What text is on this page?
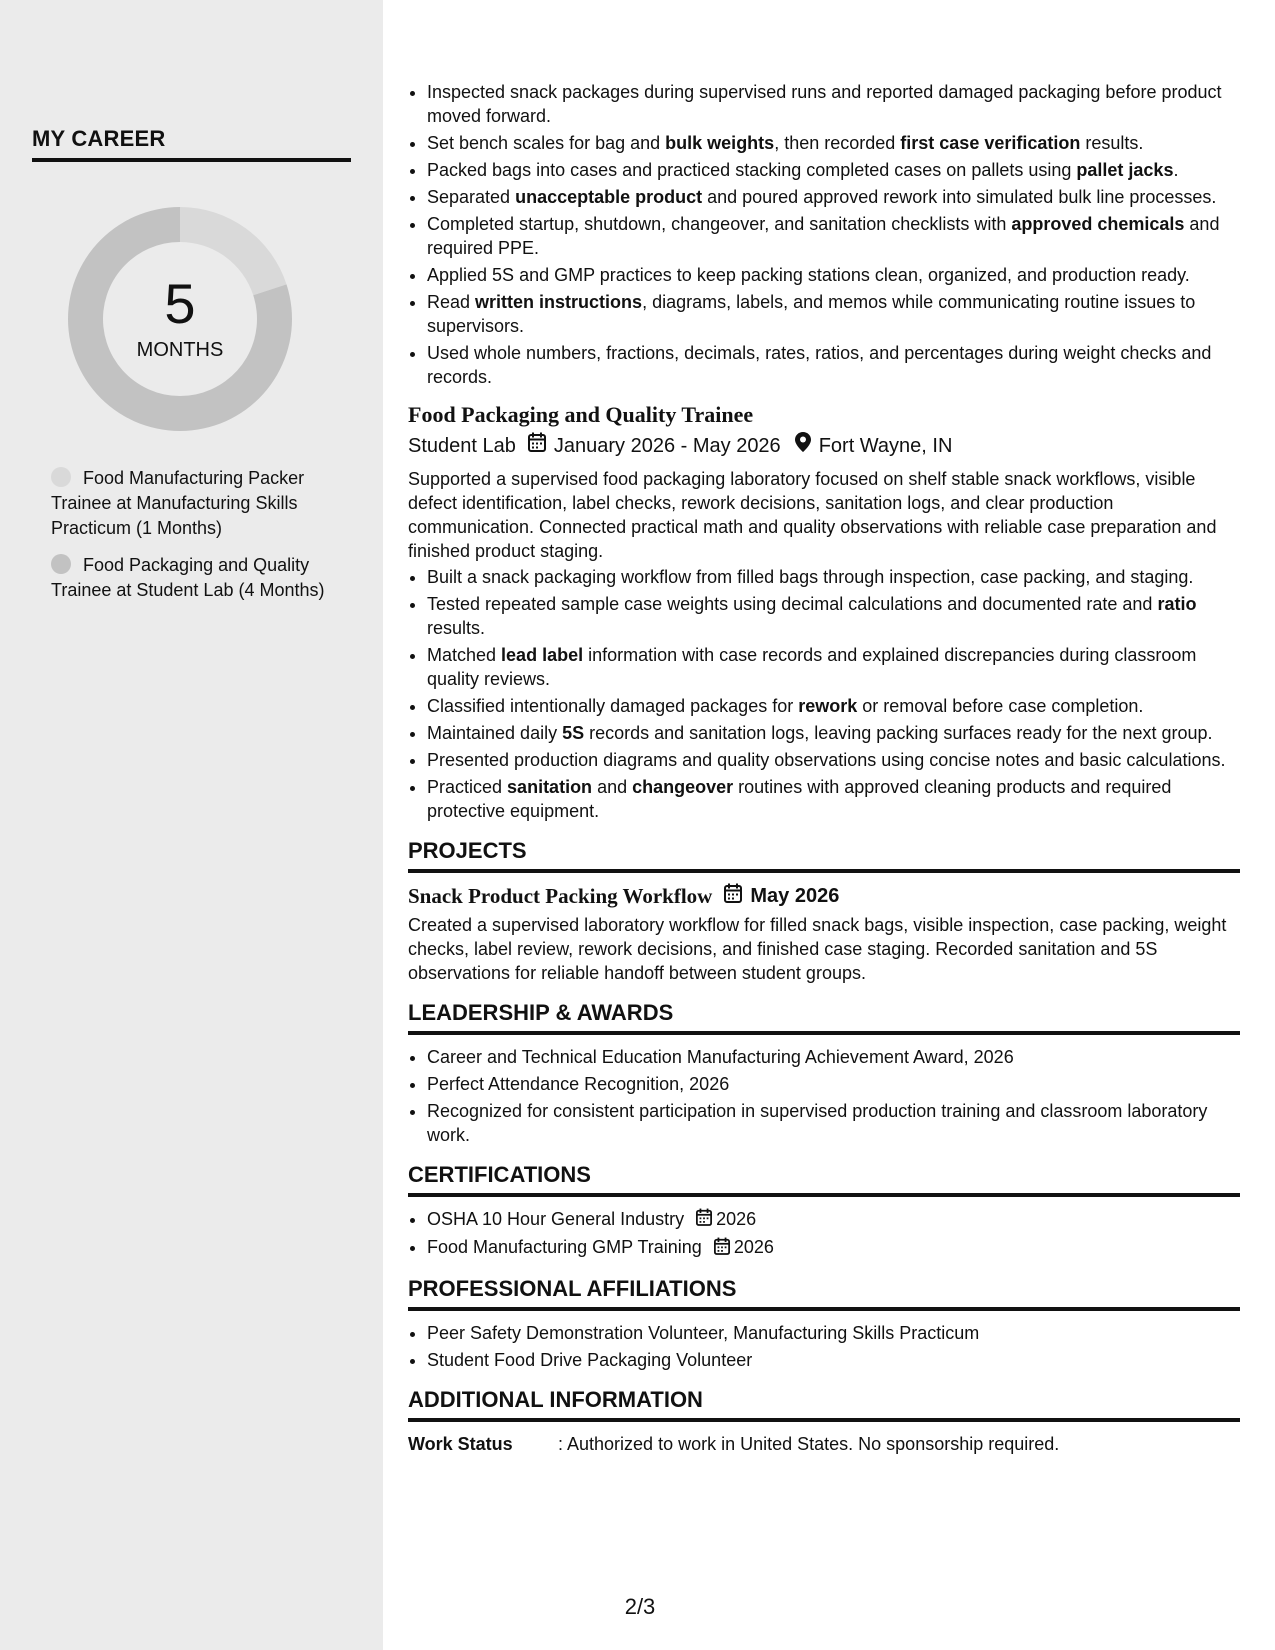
MY CAREER
5
MONTHS
Food Manufacturing Packer Trainee at Manufacturing Skills Practicum (1 Months)
Food Packaging and Quality Trainee at Student Lab (4 Months)
• Inspected snack packages during supervised runs and reported damaged packaging before product moved forward.
• Set bench scales for bag and bulk weights, then recorded first case verification results.
• Packed bags into cases and practiced stacking completed cases on pallets using pallet jacks.
• Separated unacceptable product and poured approved rework into simulated bulk line processes.
• Completed startup, shutdown, changeover, and sanitation checklists with approved chemicals and required PPE.
• Applied 5S and GMP practices to keep packing stations clean, organized, and production ready.
• Read written instructions, diagrams, labels, and memos while communicating routine issues to supervisors.
• Used whole numbers, fractions, decimals, rates, ratios, and percentages during weight checks and records.
Food Packaging and Quality Trainee
Student Lab January 2026 - May 2026 Fort Wayne, IN
Supported a supervised food packaging laboratory focused on shelf stable snack workflows, visible defect identification, label checks, rework decisions, sanitation logs, and clear production communication. Connected practical math and quality observations with reliable case preparation and finished product staging.
• Built a snack packaging workflow from filled bags through inspection, case packing, and staging.
• Tested repeated sample case weights using decimal calculations and documented rate and ratio results.
• Matched lead label information with case records and explained discrepancies during classroom quality reviews.
• Classified intentionally damaged packages for rework or removal before case completion.
• Maintained daily 5S records and sanitation logs, leaving packing surfaces ready for the next group.
• Presented production diagrams and quality observations using concise notes and basic calculations.
• Practiced sanitation and changeover routines with approved cleaning products and required protective equipment.
PROJECTS
Snack Product Packing Workflow May 2026
Created a supervised laboratory workflow for filled snack bags, visible inspection, case packing, weight checks, label review, rework decisions, and finished case staging. Recorded sanitation and 5S observations for reliable handoff between student groups.
LEADERSHIP & AWARDS
• Career and Technical Education Manufacturing Achievement Award, 2026
• Perfect Attendance Recognition, 2026
• Recognized for consistent participation in supervised production training and classroom laboratory work.
CERTIFICATIONS
• OSHA 10 Hour General Industry 2026
• Food Manufacturing GMP Training 2026
PROFESSIONAL AFFILIATIONS
• Peer Safety Demonstration Volunteer, Manufacturing Skills Practicum
• Student Food Drive Packaging Volunteer
ADDITIONAL INFORMATION
Work Status	: Authorized to work in United States. No sponsorship required.
2/3
